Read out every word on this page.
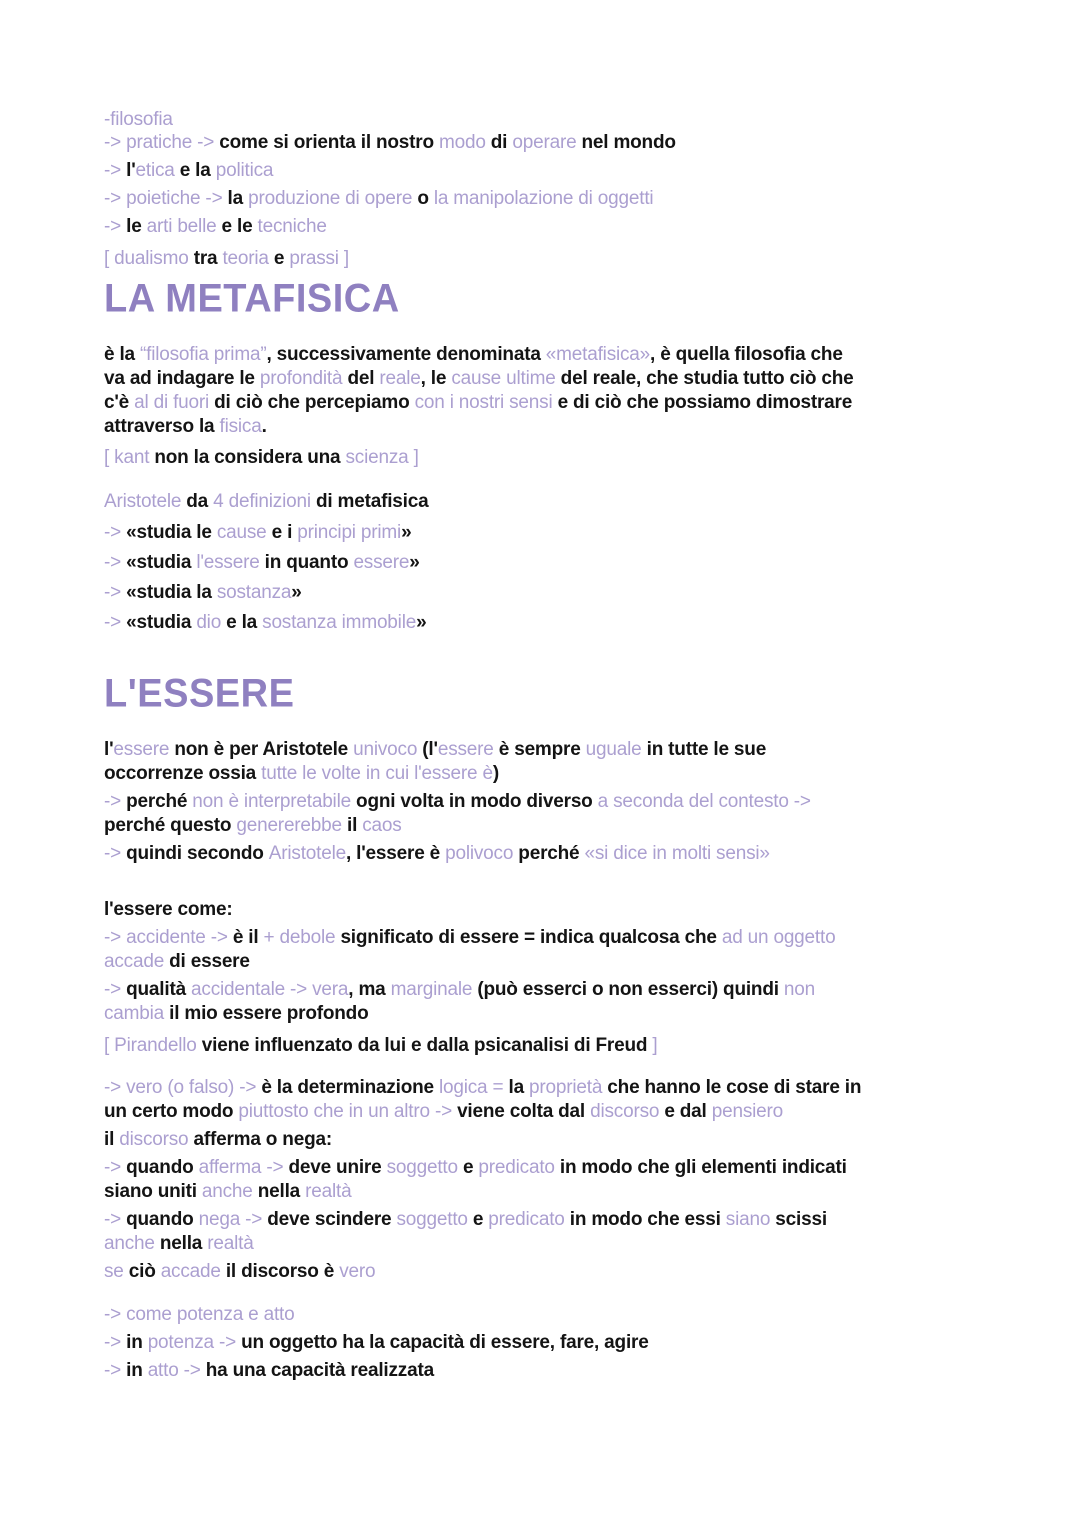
LA METAFISICA
L'ESSERE
-filosofia
-> pratiche -> come si orienta il nostro modo di operare nel mondo
-> l'etica e la politica
-> poietiche -> la produzione di opere o la manipolazione di oggetti
-> le arti belle e le tecniche
[ dualismo tra teoria e prassi ]
è la “filosofia prima”, successivamente denominata «metafisica», è quella filosofia che
va ad indagare le profondità del reale, le cause ultime del reale, che studia tutto ciò che
c'è al di fuori di ciò che percepiamo con i nostri sensi e di ciò che possiamo dimostrare
attraverso la fisica.
[ kant non la considera una scienza ]
Aristotele da 4 definizioni di metafisica
-> «studia le cause e i principi primi»
-> «studia l'essere in quanto essere»
-> «studia la sostanza»
-> «studia dio e la sostanza immobile»
l'essere non è per Aristotele univoco (l'essere è sempre uguale in tutte le sue
occorrenze ossia tutte le volte in cui l'essere è)
-> perché non è interpretabile ogni volta in modo diverso a seconda del contesto ->
perché questo genererebbe il caos
-> quindi secondo Aristotele, l'essere è polivoco perché «si dice in molti sensi»
l'essere come:
-> accidente -> è il + debole significato di essere = indica qualcosa che ad un oggetto
accade di essere
-> qualità accidentale -> vera, ma marginale (può esserci o non esserci) quindi non
cambia il mio essere profondo
[ Pirandello viene influenzato da lui e dalla psicanalisi di Freud ]
-> vero (o falso) -> è la determinazione logica = la proprietà che hanno le cose di stare in
un certo modo piuttosto che in un altro -> viene colta dal discorso e dal pensiero
il discorso afferma o nega:
-> quando afferma -> deve unire soggetto e predicato in modo che gli elementi indicati
siano uniti anche nella realtà
-> quando nega -> deve scindere soggetto e predicato in modo che essi siano scissi
anche nella realtà
se ciò accade il discorso è vero
-> come potenza e atto
-> in potenza -> un oggetto ha la capacità di essere, fare, agire
-> in atto -> ha una capacità realizzata
